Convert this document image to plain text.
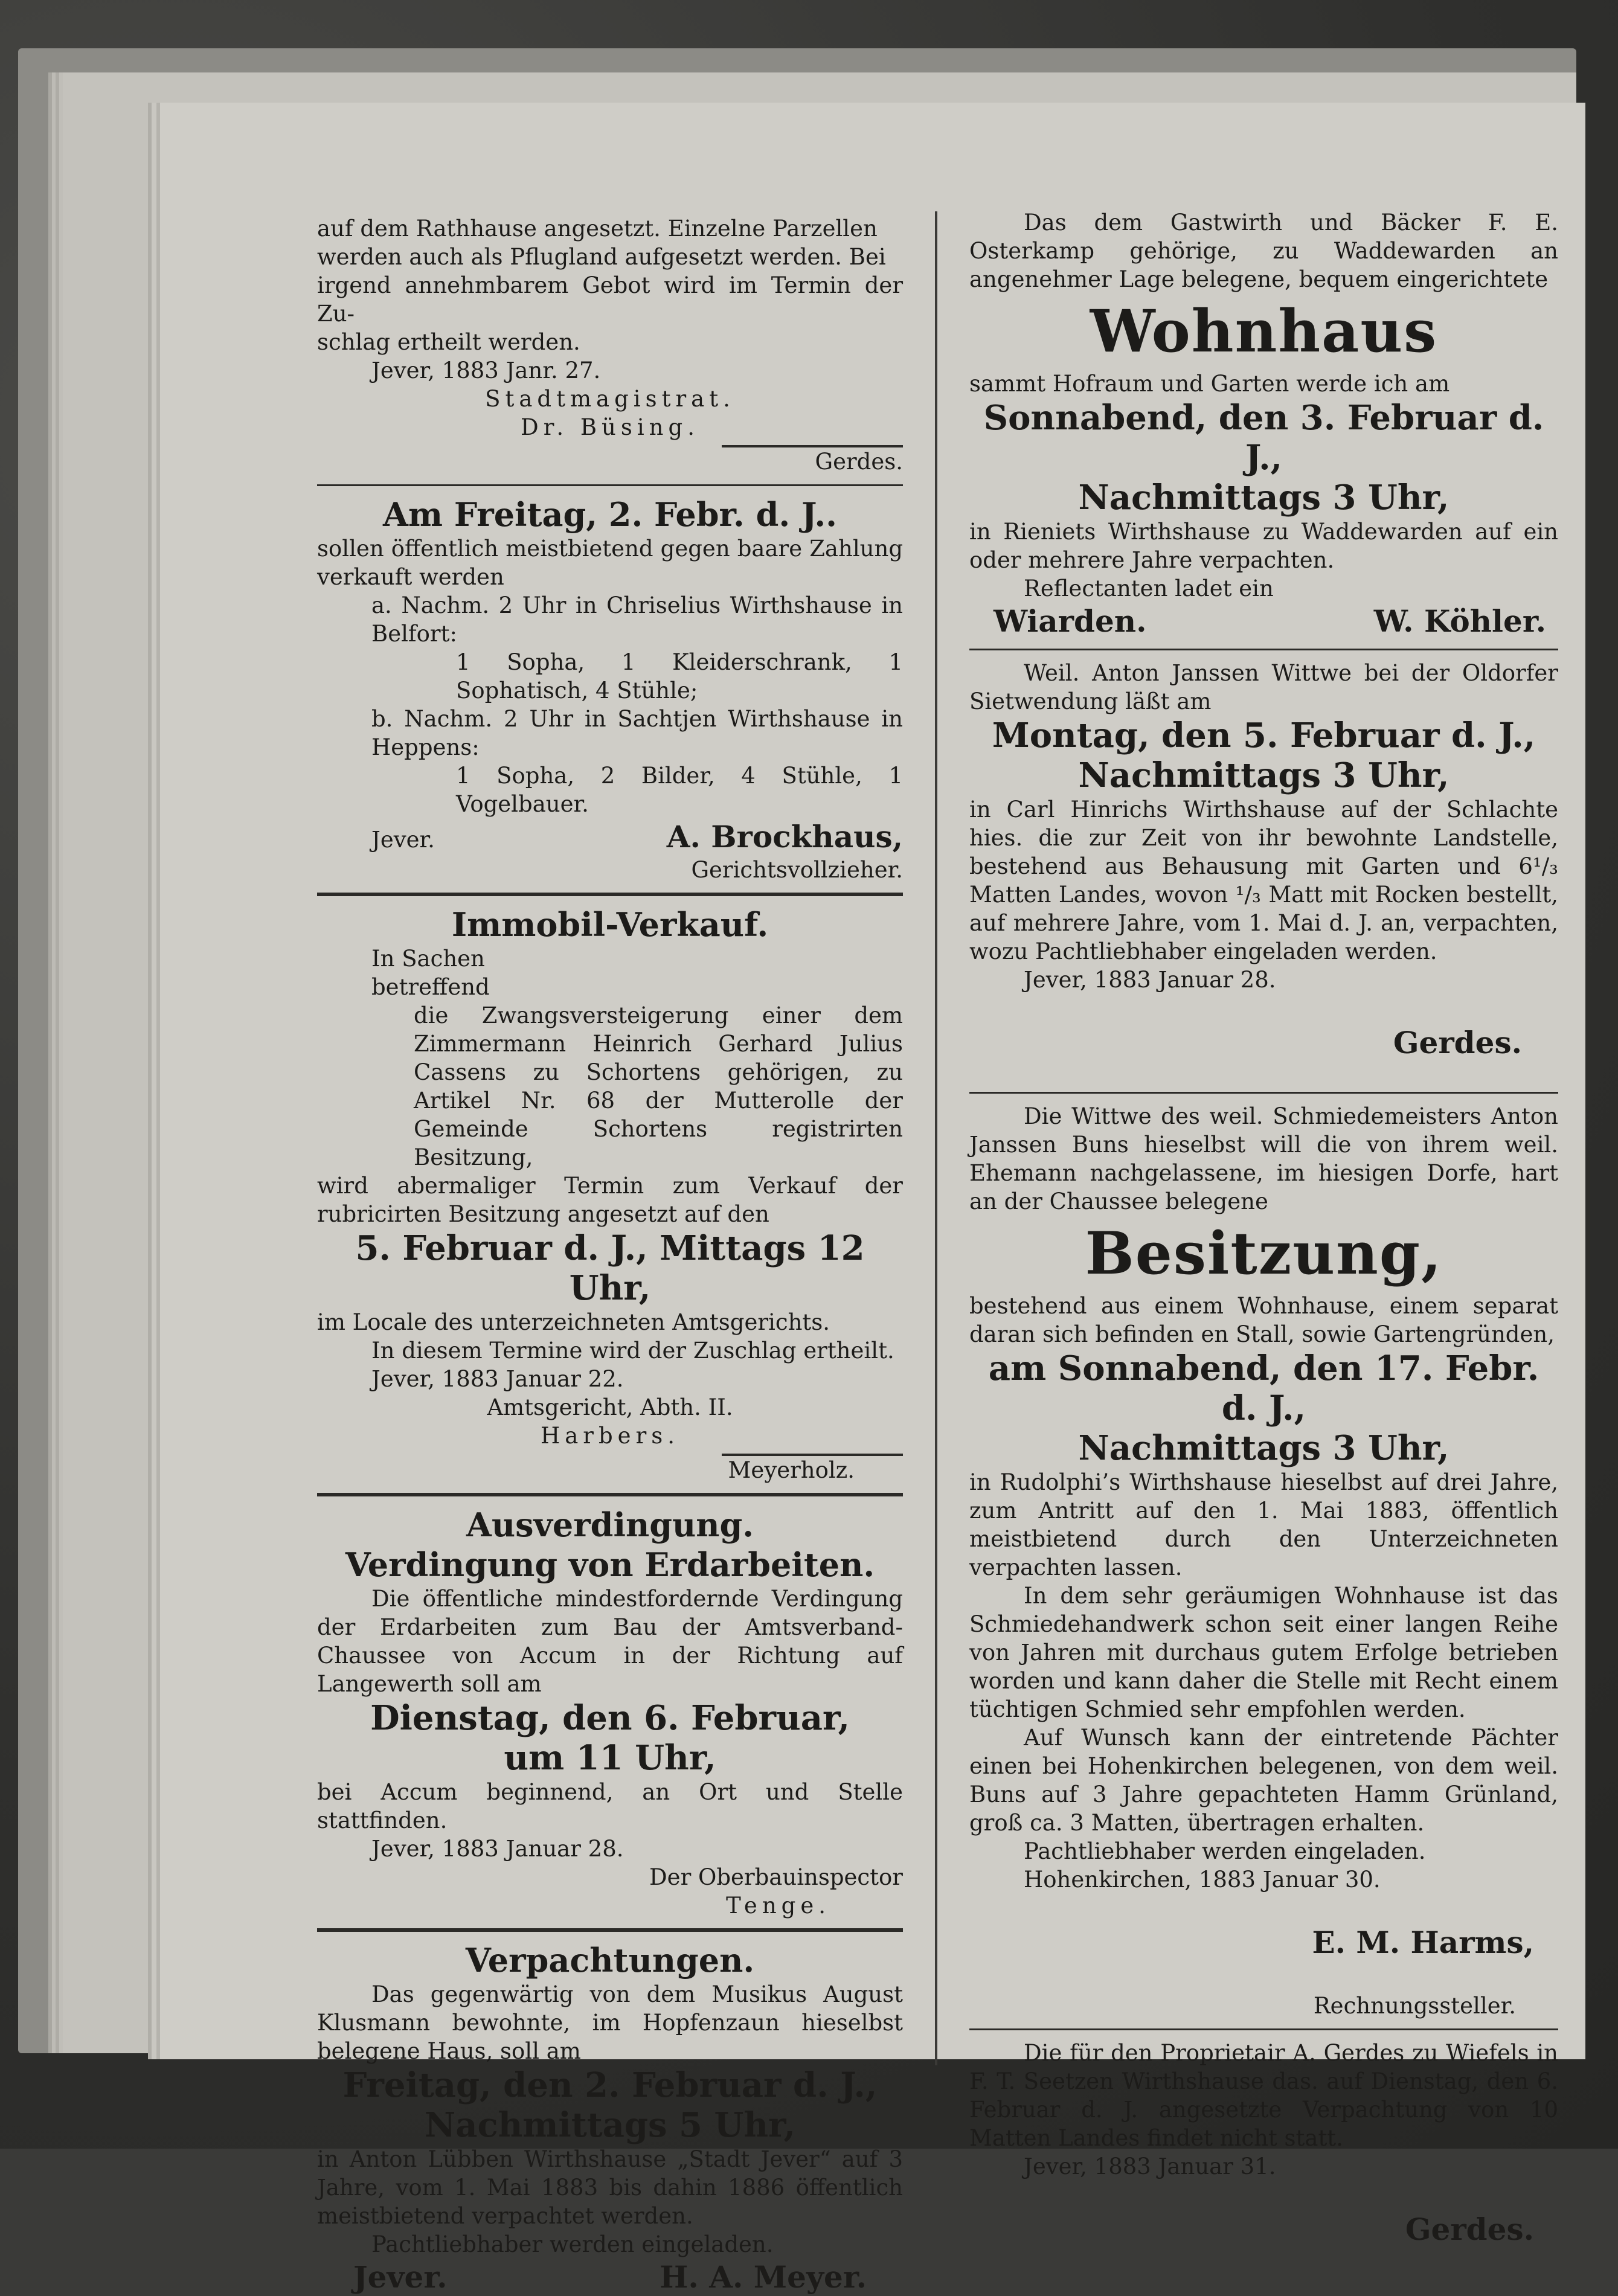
auf dem Rathhause angesetzt. Einzelne Parzellen

werden auch als Pflugland aufgesetzt werden. Bei

irgend annehmbarem Gebot wird im Termin der Zu-

schlag ertheilt werden.

Jever, 1883 Janr. 27.

Stadtmagistrat.

Dr. Büsing.

Gerdes.

Am Freitag, 2. Febr. d. J..

sollen öffentlich meistbietend gegen baare Zahlung verkauft werden

a. Nachm. 2 Uhr in Chriselius Wirthshause in Belfort:

1 Sopha, 1 Kleiderschrank, 1 Sophatisch, 4 Stühle;

b. Nachm. 2 Uhr in Sachtjen Wirthshause in Heppens:

1 Sopha, 2 Bilder, 4 Stühle, 1 Vogelbauer.

Jever.	A. Brockhaus,

Gerichtsvollzieher.

Immobil-Verkauf.

In Sachen

betreffend

die Zwangsversteigerung einer dem Zimmermann Heinrich Gerhard Julius Cassens zu Schortens gehörigen, zu Artikel Nr. 68 der Mutterolle der Gemeinde Schortens registrirten Besitzung,

wird abermaliger Termin zum Verkauf der rubricirten Besitzung angesetzt auf den

5. Februar d. J., Mittags 12 Uhr,

im Locale des unterzeichneten Amtsgerichts.

In diesem Termine wird der Zuschlag ertheilt.

Jever, 1883 Januar 22.

Amtsgericht, Abth. II.

Harbers.

Meyerholz.

Ausverdingung.

Verdingung von Erdarbeiten.

Die öffentliche mindestfordernde Verdingung der Erdarbeiten zum Bau der Amtsverband-Chaussee von Accum in der Richtung auf Langewerth soll am

Dienstag, den 6. Februar,

um 11 Uhr,

bei Accum beginnend, an Ort und Stelle stattfinden.

Jever, 1883 Januar 28.

Der Oberbauinspector

Tenge.

Verpachtungen.

Das gegenwärtig von dem Musikus August Klusmann bewohnte, im Hopfenzaun hieselbst belegene Haus, soll am

Freitag, den 2. Februar d. J.,

Nachmittags 5 Uhr,

in Anton Lübben Wirthshause „Stadt Jever“ auf 3 Jahre, vom 1. Mai 1883 bis dahin 1886 öffentlich meistbietend verpachtet werden.

Pachtliebhaber werden eingeladen.

Jever.	H. A. Meyer.

Das dem Gastwirth und Bäcker F. E. Osterkamp gehörige, zu Waddewarden an angenehmer Lage belegene, bequem eingerichtete

Wohnhaus

sammt Hofraum und Garten werde ich am

Sonnabend, den 3. Februar d. J.,

Nachmittags 3 Uhr,

in Rieniets Wirthshause zu Waddewarden auf ein oder mehrere Jahre verpachten.

Reflectanten ladet ein

Wiarden.	W. Köhler.

Weil. Anton Janssen Wittwe bei der Oldorfer Sietwendung läßt am

Montag, den 5. Februar d. J.,

Nachmittags 3 Uhr,

in Carl Hinrichs Wirthshause auf der Schlachte hies. die zur Zeit von ihr bewohnte Landstelle, bestehend aus Behausung mit Garten und 6¹/₃ Matten Landes, wovon ¹/₃ Matt mit Rocken bestellt, auf mehrere Jahre, vom 1. Mai d. J. an, verpachten, wozu Pachtliebhaber eingeladen werden.

Jever, 1883 Januar 28.

Gerdes.

Die Wittwe des weil. Schmiedemeisters Anton Janssen Buns hieselbst will die von ihrem weil. Ehemann nachgelassene, im hiesigen Dorfe, hart an der Chaussee belegene

Besitzung,

bestehend aus einem Wohnhause, einem separat daran sich befinden en Stall, sowie Gartengründen,

am Sonnabend, den 17. Febr. d. J.,

Nachmittags 3 Uhr,

in Rudolphi’s Wirthshause hieselbst auf drei Jahre, zum Antritt auf den 1. Mai 1883, öffentlich meistbietend durch den Unterzeichneten verpachten lassen.

In dem sehr geräumigen Wohnhause ist das Schmiedehandwerk schon seit einer langen Reihe von Jahren mit durchaus gutem Erfolge betrieben worden und kann daher die Stelle mit Recht einem tüchtigen Schmied sehr empfohlen werden.

Auf Wunsch kann der eintretende Pächter einen bei Hohenkirchen belegenen, von dem weil. Buns auf 3 Jahre gepachteten Hamm Grünland, groß ca. 3 Matten, übertragen erhalten.

Pachtliebhaber werden eingeladen.

Hohenkirchen, 1883 Januar 30.

E. M. Harms,

Rechnungssteller.

Die für den Proprietair A. Gerdes zu Wiefels in F. T. Seetzen Wirthshause das. auf Dienstag, den 6. Februar d. J. angesetzte Verpachtung von 10 Matten Landes findet nicht statt.

Jever, 1883 Januar 31.

Gerdes.
